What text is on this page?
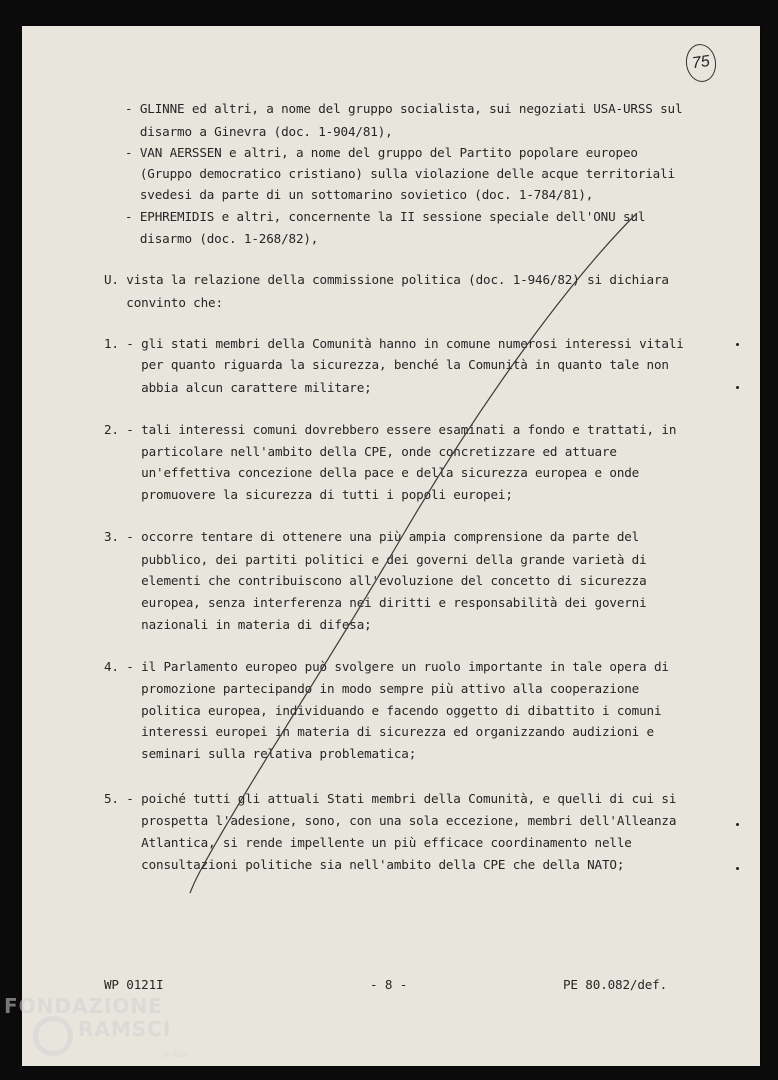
75
- GLINNE ed altri, a nome del gruppo socialista, sui negoziati USA-URSS sul
disarmo a Ginevra (doc. 1-904/81),
- VAN AERSSEN e altri, a nome del gruppo del Partito popolare europeo
(Gruppo democratico cristiano) sulla violazione delle acque territoriali
svedesi da parte di un sottomarino sovietico (doc. 1-784/81),
- EPHREMIDIS e altri, concernente la II sessione speciale dell'ONU sul
disarmo (doc. 1-268/82),
U. vista la relazione della commissione politica (doc. 1-946/82) si dichiara
convinto che:
1. - gli stati membri della Comunità hanno in comune numerosi interessi vitali
per quanto riguarda la sicurezza, benché la Comunità in quanto tale non
abbia alcun carattere militare;
2. - tali interessi comuni dovrebbero essere esaminati a fondo e trattati, in
particolare nell'ambito della CPE, onde concretizzare ed attuare
un'effettiva concezione della pace e della sicurezza europea e onde
promuovere la sicurezza di tutti i popoli europei;
3. - occorre tentare di ottenere una più ampia comprensione da parte del
pubblico, dei partiti politici e dei governi della grande varietà di
elementi che contribuiscono all'evoluzione del concetto di sicurezza
europea, senza interferenza nei diritti e responsabilità dei governi
nazionali in materia di difesa;
4. - il Parlamento europeo può svolgere un ruolo importante in tale opera di
promozione partecipando in modo sempre più attivo alla cooperazione
politica europea, individuando e facendo oggetto di dibattito i comuni
interessi europei in materia di sicurezza ed organizzando audizioni e
seminari sulla relativa problematica;
5. - poiché tutti gli attuali Stati membri della Comunità, e quelli di cui si
prospetta l'adesione, sono, con una sola eccezione, membri dell'Alleanza
Atlantica, si rende impellente un più efficace coordinamento nelle
consultazioni politiche sia nell'ambito della CPE che della NATO;
WP 0121I	- 8 -	PE 80.082/def.
FONDAZIONE
RAMSCI
onlus
